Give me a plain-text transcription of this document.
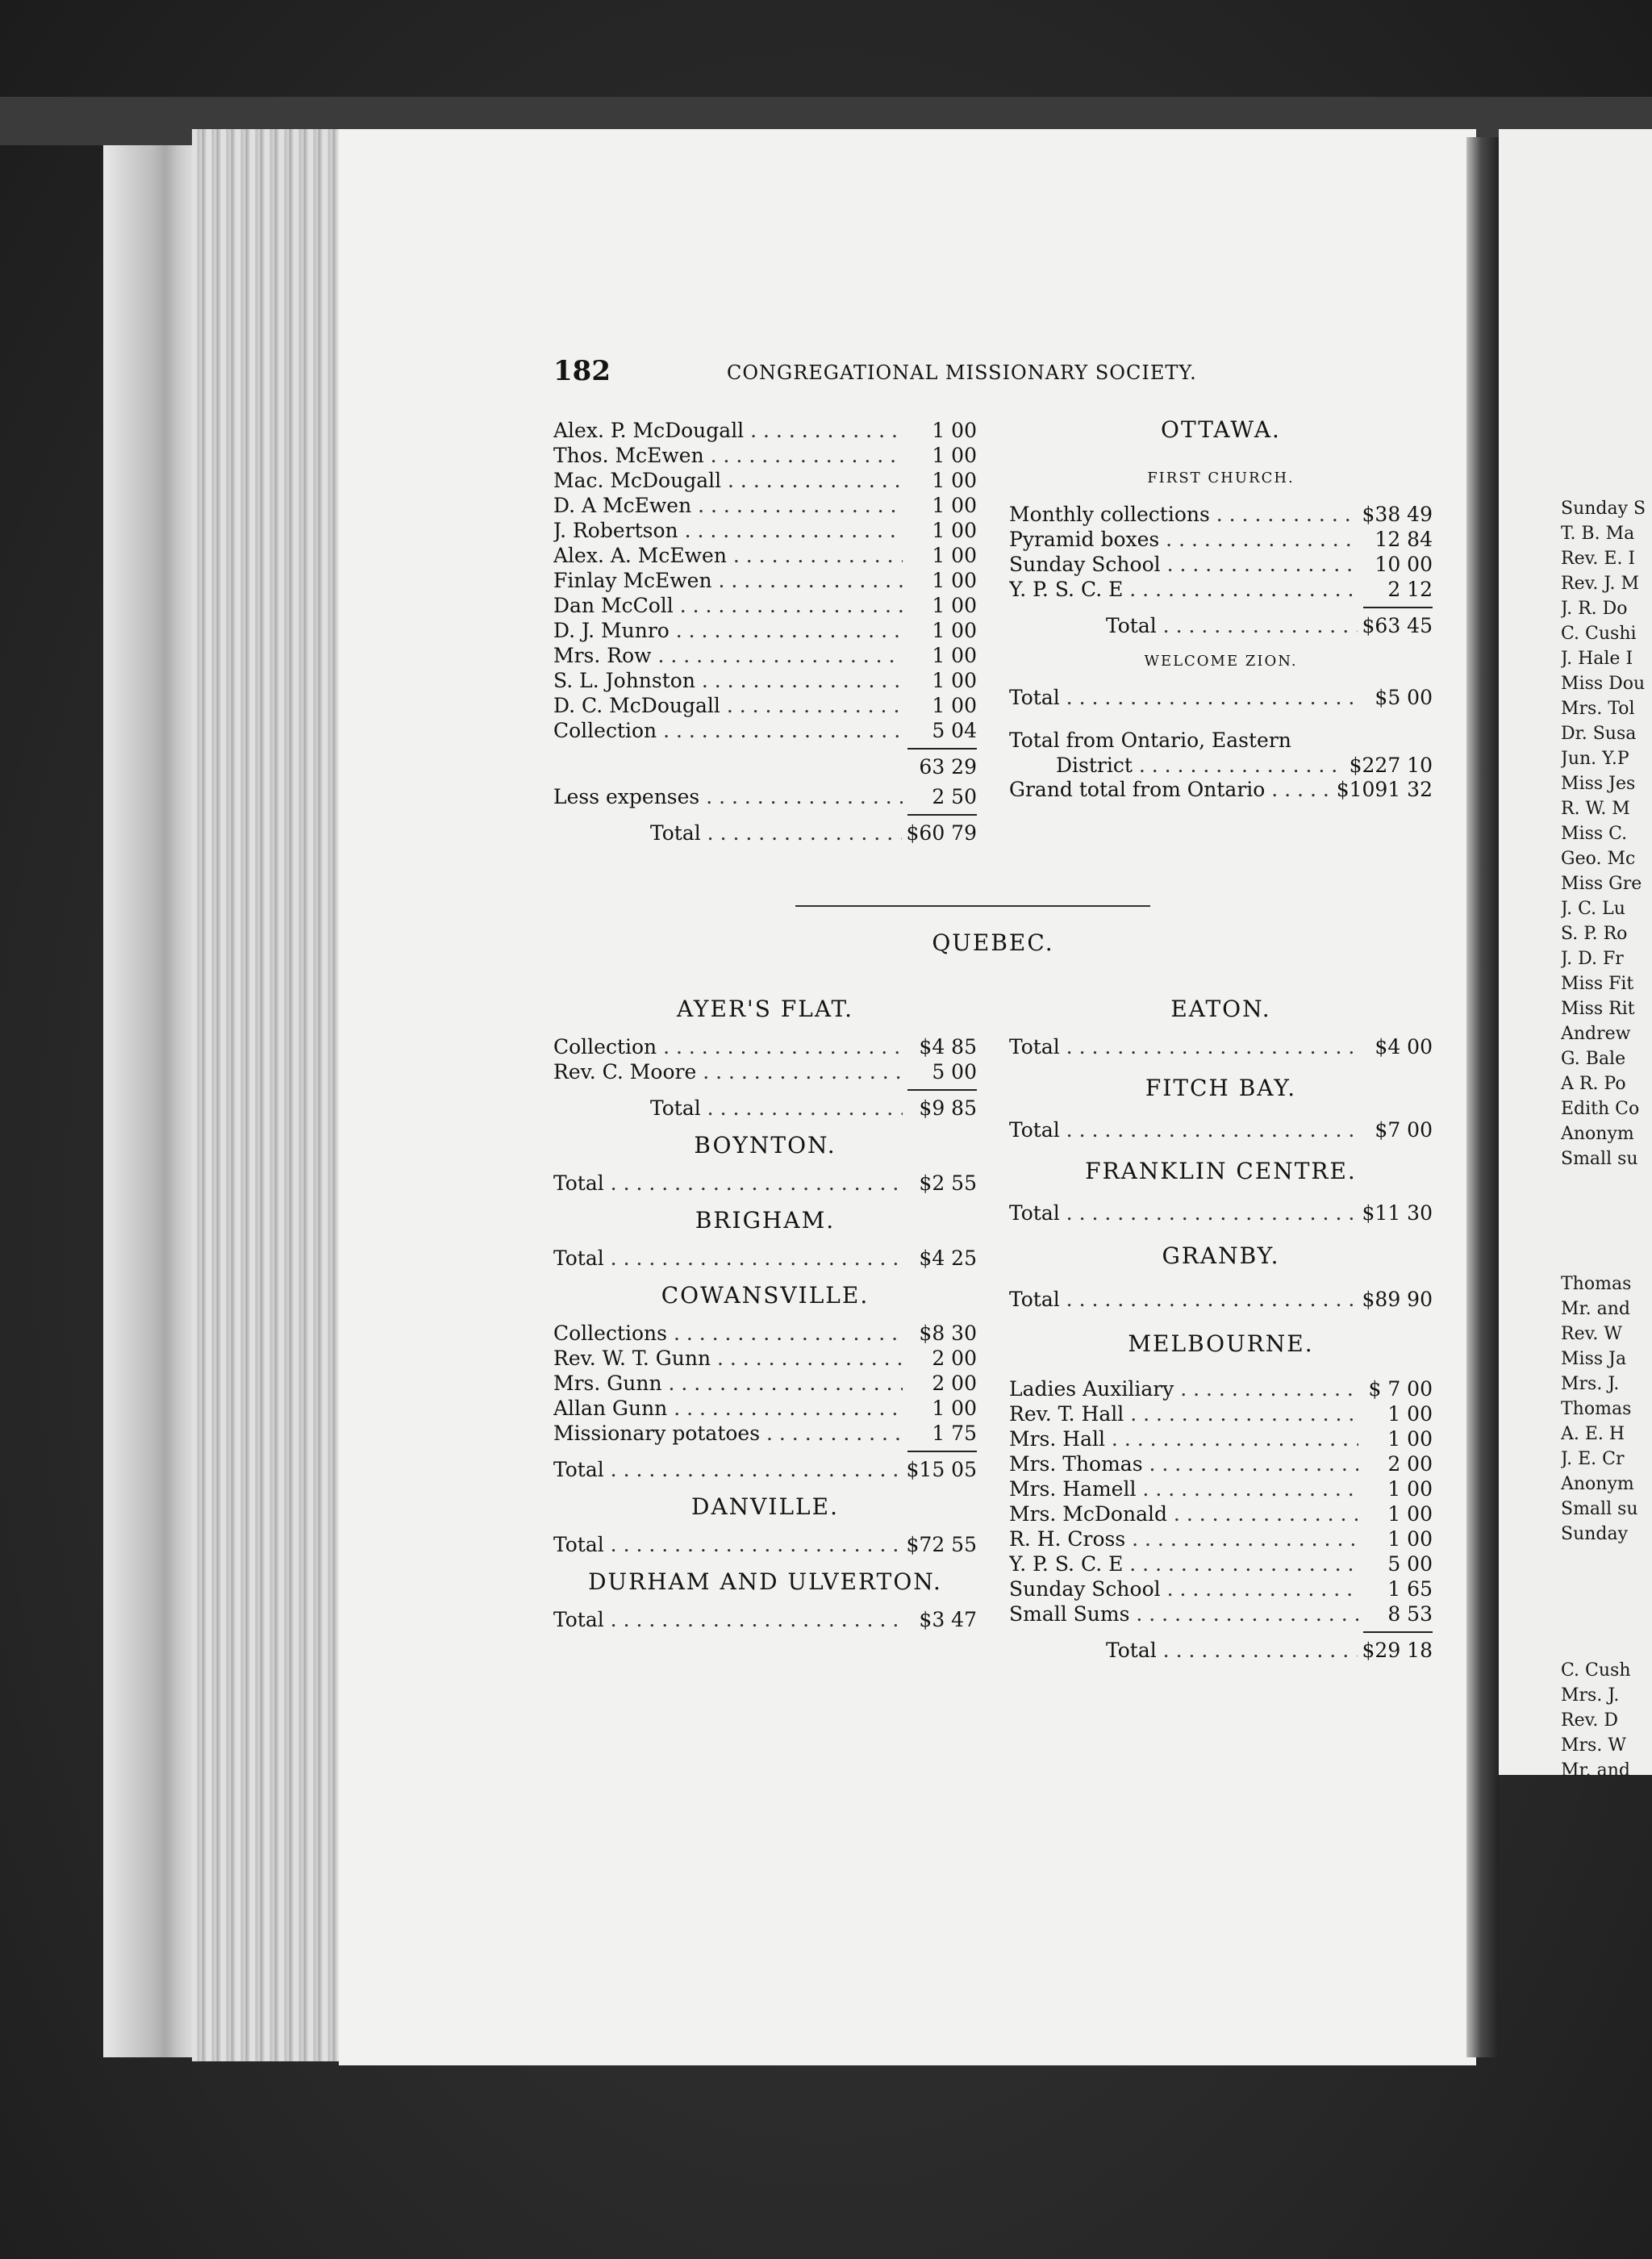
Sunday S
T. B. Ma
Rev. E. I
Rev. J. M
J. R. Do
C. Cushi
J. Hale I
Miss Dou
Mrs. Tol
Dr. Susa
Jun. Y.P
Miss Jes
R. W. M
Miss C.
Geo. Mc
Miss Gre
J. C. Lu
S. P. Ro
J. D. Fr
Miss Fit
Miss Rit
Andrew
G. Bale
A R. Po
Edith Co
Anonym
Small su
Thomas
Mr. and
Rev. W
Miss Ja
Mrs. J.
Thomas
A. E. H
J. E. Cr
Anonym
Small su
Sunday
C. Cush
Mrs. J.
Rev. D
Mrs. W
Mr. and
182	CONGREGATIONAL MISSIONARY SOCIETY.
Alex. P. McDougall . . .	1 00
Thos. McEwen . . .	1 00
Mac. McDougall . . .	1 00
D. A McEwen . . .	1 00
J. Robertson . . .	1 00
Alex. A. McEwen . . .	1 00
Finlay McEwen . . .	1 00
Dan McColl . . .	1 00
D. J. Munro . . .	1 00
Mrs. Row . . .	1 00
S. L. Johnston . . .	1 00
D. C. McDougall . . .	1 00
Collection . . .	5 04
63 29
Less expenses . . .	2 50
Total . . .	$60 79
OTTAWA.
FIRST CHURCH.
Monthly collections . . .	$38 49
Pyramid boxes . . .	12 84
Sunday School . . .	10 00
Y. P. S. C. E . . .	2 12
Total . . .	$63 45
WELCOME ZION.
Total . . .	$5 00
Total from Ontario, Eastern
District . . .	$227 10
Grand total from Ontario . . .	$1091 32
QUEBEC.
AYER'S FLAT.
Collection . . .	$4 85
Rev. C. Moore . . .	5 00
Total . . .	$9 85
BOYNTON.
Total . . .	$2 55
BRIGHAM.
Total . . .	$4 25
COWANSVILLE.
Collections . . .	$8 30
Rev. W. T. Gunn . . .	2 00
Mrs. Gunn . . .	2 00
Allan Gunn . . .	1 00
Missionary potatoes . . .	1 75
Total . . .	$15 05
DANVILLE.
Total . . .	$72 55
DURHAM AND ULVERTON.
Total . . .	$3 47
EATON.
Total . . .	$4 00
FITCH BAY.
Total . . .	$7 00
FRANKLIN CENTRE.
Total . . .	$11 30
GRANBY.
Total . . .	$89 90
MELBOURNE.
Ladies Auxiliary . . .	$ 7 00
Rev. T. Hall . . .	1 00
Mrs. Hall . . .	1 00
Mrs. Thomas . . .	2 00
Mrs. Hamell . . .	1 00
Mrs. McDonald . . .	1 00
R. H. Cross . . .	1 00
Y. P. S. C. E . . .	5 00
Sunday School . . .	1 65
Small Sums . . .	8 53
Total . . .	$29 18
